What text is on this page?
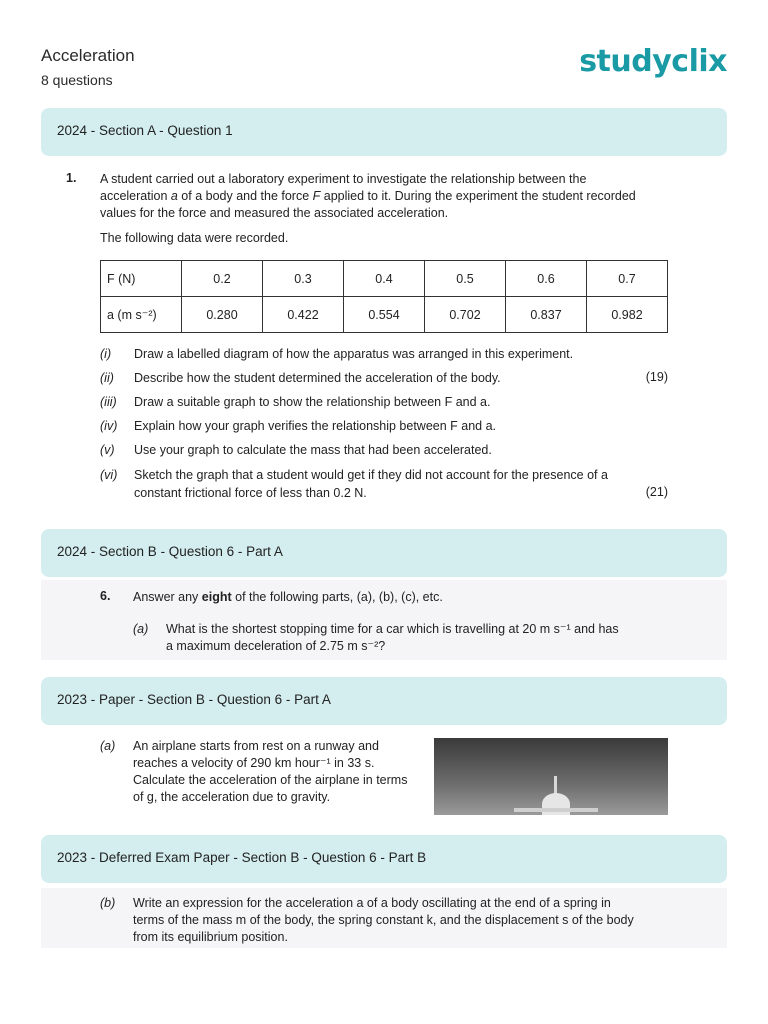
Acceleration
8 questions
studyclix
2024 - Section A - Question 1
1. A student carried out a laboratory experiment to investigate the relationship between the
acceleration a of a body and the force F applied to it. During the experiment the student recorded
values for the force and measured the associated acceleration.
The following data were recorded.
F (N)	0.2	0.3	0.4	0.5	0.6	0.7
a (m s⁻²)	0.280	0.422	0.554	0.702	0.837	0.982
(i) Draw a labelled diagram of how the apparatus was arranged in this experiment.
(ii) Describe how the student determined the acceleration of the body.	(19)
(iii) Draw a suitable graph to show the relationship between F and a.
(iv) Explain how your graph verifies the relationship between F and a.
(v) Use your graph to calculate the mass that had been accelerated.
(vi) Sketch the graph that a student would get if they did not account for the presence of a
constant frictional force of less than 0.2 N.	(21)
2024 - Section B - Question 6 - Part A
6. Answer any eight of the following parts, (a), (b), (c), etc.
(a) What is the shortest stopping time for a car which is travelling at 20 m s⁻¹ and has
a maximum deceleration of 2.75 m s⁻²?
2023 - Paper - Section B - Question 6 - Part A
(a) An airplane starts from rest on a runway and
reaches a velocity of 290 km hour⁻¹ in 33 s.
Calculate the acceleration of the airplane in terms
of g, the acceleration due to gravity.
2023 - Deferred Exam Paper - Section B - Question 6 - Part B
(b) Write an expression for the acceleration a of a body oscillating at the end of a spring in
terms of the mass m of the body, the spring constant k, and the displacement s of the body
from its equilibrium position.
